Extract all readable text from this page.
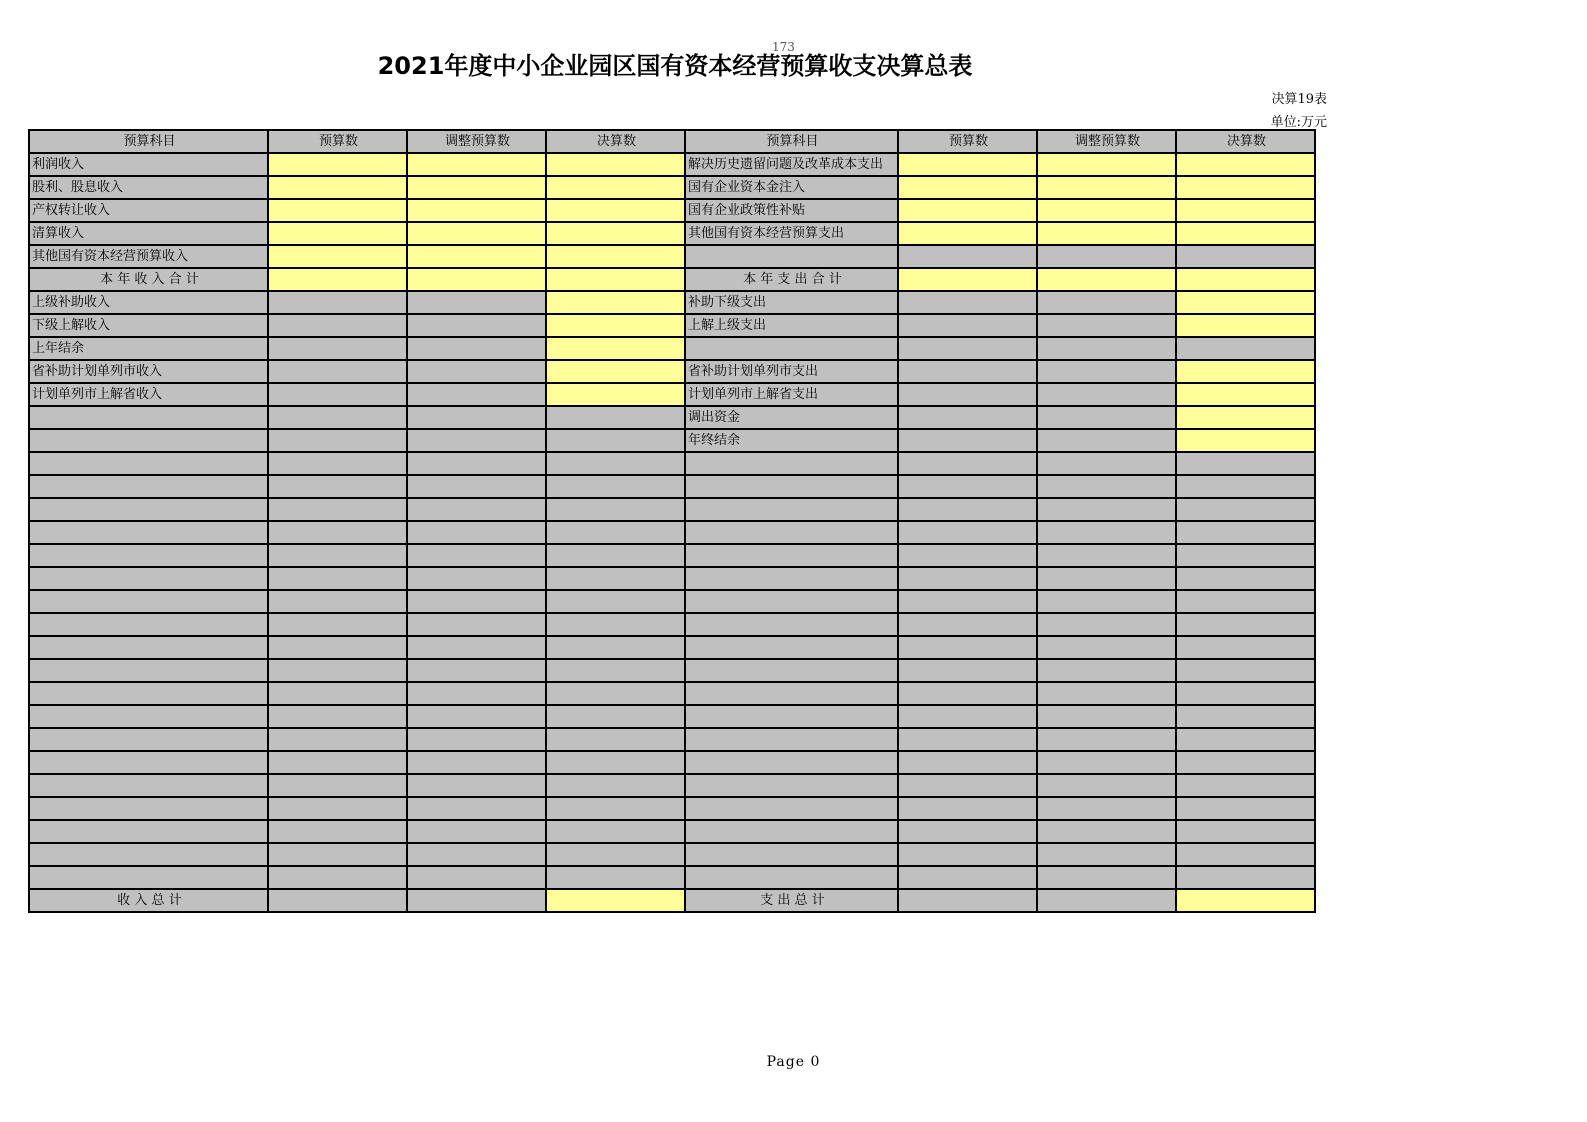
173
2021年度中小企业园区国有资本经营预算收支决算总表
决算19表
单位:万元
预算科目	预算数	调整预算数	决算数	预算科目	预算数	调整预算数	决算数
利润收入				解决历史遗留问题及改革成本支出			
股利、股息收入				国有企业资本金注入			
产权转让收入				国有企业政策性补贴			
清算收入				其他国有资本经营预算支出			
其他国有资本经营预算收入							
本 年 收 入 合 计				本 年 支 出 合 计			
上级补助收入				补助下级支出			
下级上解收入				上解上级支出			
上年结余							
省补助计划单列市收入				省补助计划单列市支出			
计划单列市上解省收入				计划单列市上解省支出			
				调出资金			
				年终结余			

收 入 总 计				支 出 总 计			
Page 0
